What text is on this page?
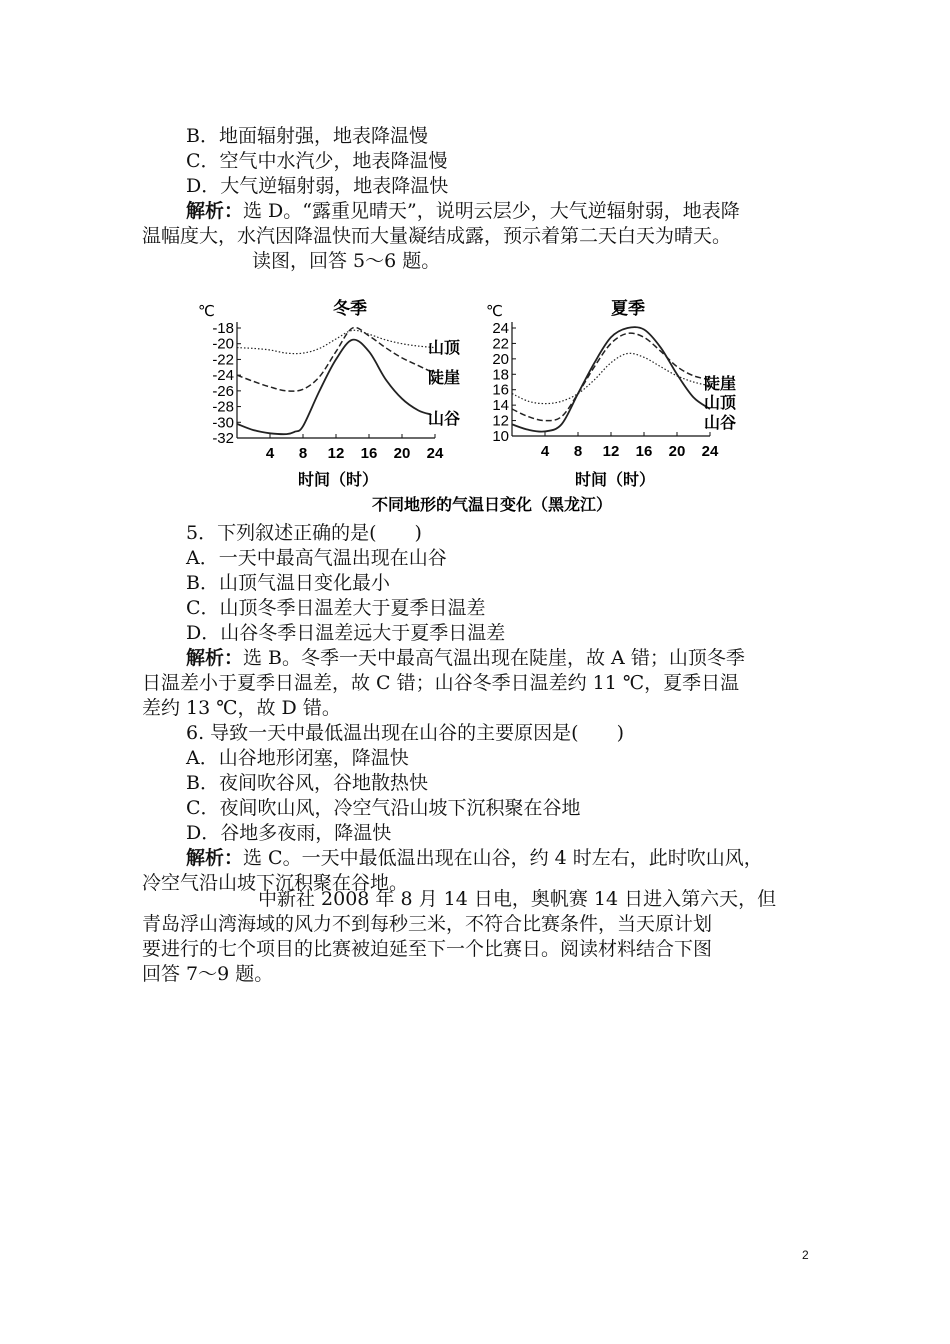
B．地面辐射强，地表降温慢
C．空气中水汽少，地表降温慢
D．大气逆辐射弱，地表降温快
解析：选 D。“露重见晴天”，说明云层少，大气逆辐射弱，地表降
温幅度大，水汽因降温快而大量凝结成露，预示着第二天白天为晴天。
读图，回答 5～6 题。
℃	冬季
-18
-20
-22
-24
-26
-28
-30
-32
4 8 12 16 20 24
山顶
陡崖
山谷
时间（时）
℃	夏季
10
12
14
16
18
20
22
24
4 8 12 16 20 24
陡崖
山顶
山谷
时间（时）
不同地形的气温日变化（黑龙江）
5．下列叙述正确的是(　　)
A．一天中最高气温出现在山谷
B．山顶气温日变化最小
C．山顶冬季日温差大于夏季日温差
D．山谷冬季日温差远大于夏季日温差
解析：选 B。冬季一天中最高气温出现在陡崖，故 A 错；山顶冬季
日温差小于夏季日温差，故 C 错；山谷冬季日温差约 11 ℃，夏季日温
差约 13 ℃，故 D 错。
6. 导致一天中最低温出现在山谷的主要原因是(　　)
A．山谷地形闭塞，降温快
B．夜间吹谷风，谷地散热快
C．夜间吹山风，冷空气沿山坡下沉积聚在谷地
D．谷地多夜雨，降温快
解析：选 C。一天中最低温出现在山谷，约 4 时左右，此时吹山风，
冷空气沿山坡下沉积聚在谷地。
中新社 2008 年 8 月 14 日电，奥帆赛 14 日进入第六天，但
青岛浮山湾海域的风力不到每秒三米，不符合比赛条件，当天原计划
要进行的七个项目的比赛被迫延至下一个比赛日。阅读材料结合下图
回答 7～9 题。
2
